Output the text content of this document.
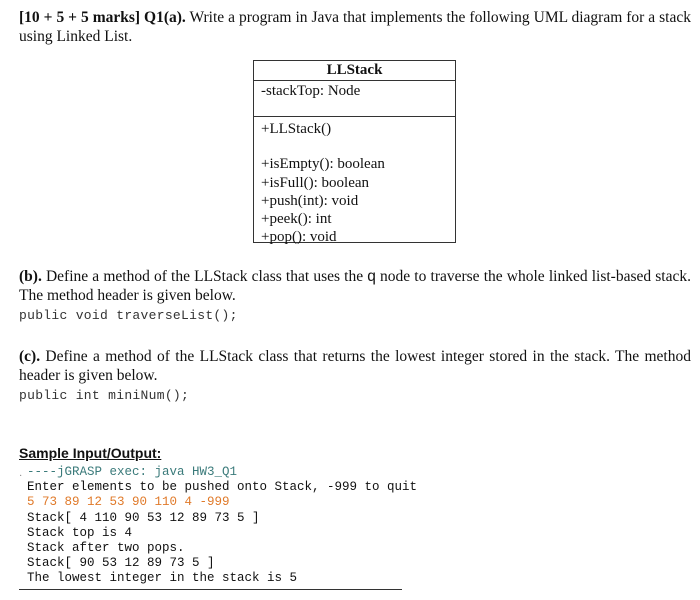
[10 + 5 + 5 marks] Q1(a). Write a program in Java that implements the following UML diagram for a stack using Linked List.
LLStack
-stackTop: Node
+LLStack()
+isEmpty(): boolean
+isFull(): boolean
+push(int): void
+peek(): int
+pop(): void
(b). Define a method of the LLStack class that uses the q node to traverse the whole linked list-based stack. The method header is given below.
public void traverseList();
(c). Define a method of the LLStack class that returns the lowest integer stored in the stack. The method header is given below.
public int miniNum();
Sample Input/Output:
· ----jGRASP exec: java HW3_Q1
Enter elements to be pushed onto Stack, -999 to quit
5 73 89 12 53 90 110 4 -999
Stack[ 4 110 90 53 12 89 73 5 ]
Stack top is 4
Stack after two pops.
Stack[ 90 53 12 89 73 5 ]
The lowest integer in the stack is 5
